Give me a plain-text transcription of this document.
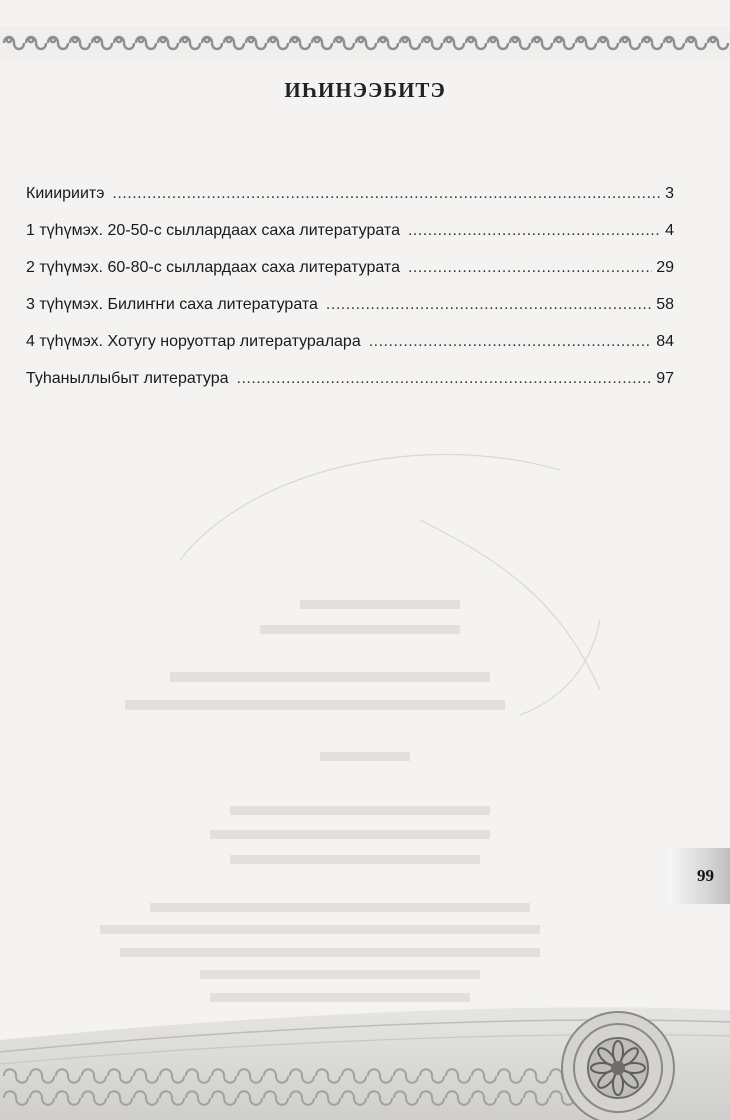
ИҺИНЭЭБИТЭ
Кииириитэ .....	3
1 түһүмэх. 20-50-с сыллардаах саха литературата .....	4
2 түһүмэх. 60-80-с сыллардаах саха литературата .....	29
3 түһүмэх. Билиҥҥи саха литературата .....	58
4 түһүмэх. Хотугу норуоттар литературалара .....	84
Туһаныллыбыт литература .....	97
99
